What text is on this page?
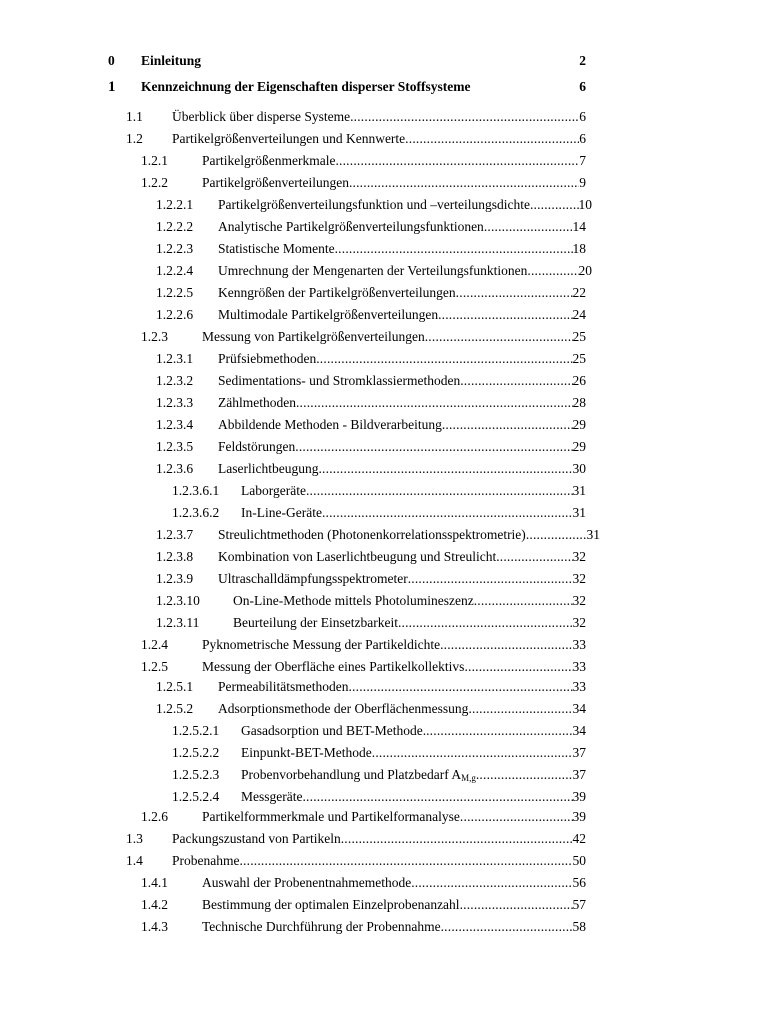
0 Einleitung	2
1 Kennzeichnung der Eigenschaften disperser Stoffsysteme	6
1.1 Überblick über disperse Systeme .....	6
1.2 Partikelgrößenverteilungen und Kennwerte .....	6
1.2.1	Partikelgrößenmerkmale .....	7
1.2.2	Partikelgrößenverteilungen .....	9
1.2.2.1 Partikelgrößenverteilungsfunktion und –verteilungsdichte .....	10
1.2.2.2 Analytische Partikelgrößenverteilungsfunktionen .....	14
1.2.2.3 Statistische Momente .....	18
1.2.2.4 Umrechnung der Mengenarten der Verteilungsfunktionen .....	20
1.2.2.5 Kenngrößen der Partikelgrößenverteilungen .....	22
1.2.2.6 Multimodale Partikelgrößenverteilungen .....	24
1.2.3	Messung von Partikelgrößenverteilungen .....	25
1.2.3.1 Prüfsiebmethoden .....	25
1.2.3.2 Sedimentations- und Stromklassiermethoden .....	26
1.2.3.3 Zählmethoden .....	28
1.2.3.4 Abbildende Methoden - Bildverarbeitung .....	29
1.2.3.5 Feldstörungen .....	29
1.2.3.6 Laserlichtbeugung .....	30
1.2.3.6.1 Laborgeräte .....	31
1.2.3.6.2 In-Line-Geräte .....	31
1.2.3.7 Streulichtmethoden (Photonenkorrelationsspektrometrie) .....	31
1.2.3.8 Kombination von Laserlichtbeugung und Streulicht .....	32
1.2.3.9 Ultraschalldämpfungsspektrometer .....	32
1.2.3.10 On-Line-Methode mittels Photolumineszenz .....	32
1.2.3.11 Beurteilung der Einsetzbarkeit .....	32
1.2.4	Pyknometrische Messung der Partikeldichte .....	33
1.2.5	Messung der Oberfläche eines Partikelkollektivs .....	33
1.2.5.1 Permeabilitätsmethoden .....	33
1.2.5.2 Adsorptionsmethode der Oberflächenmessung .....	34
1.2.5.2.1 Gasadsorption und BET-Methode. .....	34
1.2.5.2.2 Einpunkt-BET-Methode .....	37
1.2.5.2.3 Probenvorbehandlung und Platzbedarf $A_{M,g}$ .....	37
1.2.5.2.4 Messgeräte .....	39
1.2.6	Partikelformmerkmale und Partikelformanalyse .....	39
1.3 Packungszustand von Partikeln .....	42
1.4 Probenahme .....	50
1.4.1	Auswahl der Probenentnahmemethode .....	56
1.4.2	Bestimmung der optimalen Einzelprobenanzahl .....	57
1.4.3	Technische Durchführung der Probennahme .....	58
